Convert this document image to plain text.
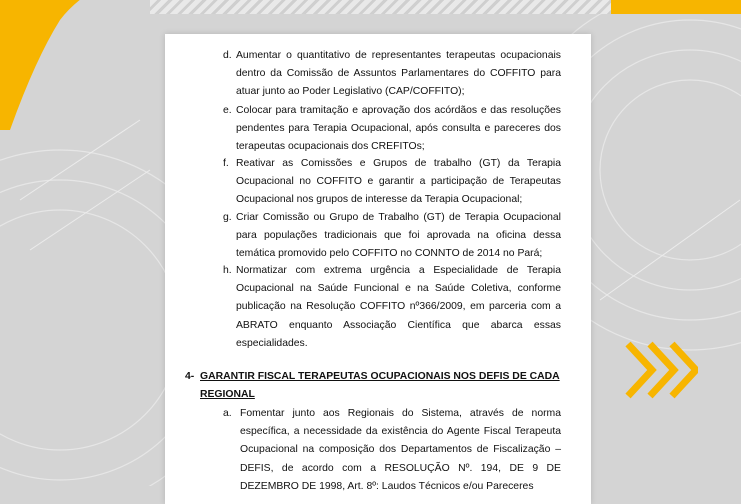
d. Aumentar o quantitativo de representantes terapeutas ocupacionais dentro da Comissão de Assuntos Parlamentares do COFFITO para atuar junto ao Poder Legislativo (CAP/COFFITO);
e. Colocar para tramitação e aprovação dos acórdãos e das resoluções pendentes para Terapia Ocupacional, após consulta e pareceres dos terapeutas ocupacionais dos CREFITOs;
f. Reativar as Comissões e Grupos de trabalho (GT) da Terapia Ocupacional no COFFITO e garantir a participação de Terapeutas Ocupacional nos grupos de interesse da Terapia Ocupacional;
g. Criar Comissão ou Grupo de Trabalho (GT) de Terapia Ocupacional para populações tradicionais que foi aprovada na oficina dessa temática promovido pelo COFFITO no CONNTO de 2014 no Pará;
h. Normatizar com extrema urgência a Especialidade de Terapia Ocupacional na Saúde Funcional e na Saúde Coletiva, conforme publicação na Resolução COFFITO nº366/2009, em parceria com a ABRATO enquanto Associação Científica que abarca essas especialidades.
4- GARANTIR FISCAL TERAPEUTAS OCUPACIONAIS NOS DEFIS DE CADA REGIONAL
a. Fomentar junto aos Regionais do Sistema, através de norma específica, a necessidade da existência do Agente Fiscal Terapeuta Ocupacional na composição dos Departamentos de Fiscalização – DEFIS, de acordo com a RESOLUÇÃO Nº. 194, DE 9 DE DEZEMBRO DE 1998, Art. 8º: Laudos Técnicos e/ou Pareceres
